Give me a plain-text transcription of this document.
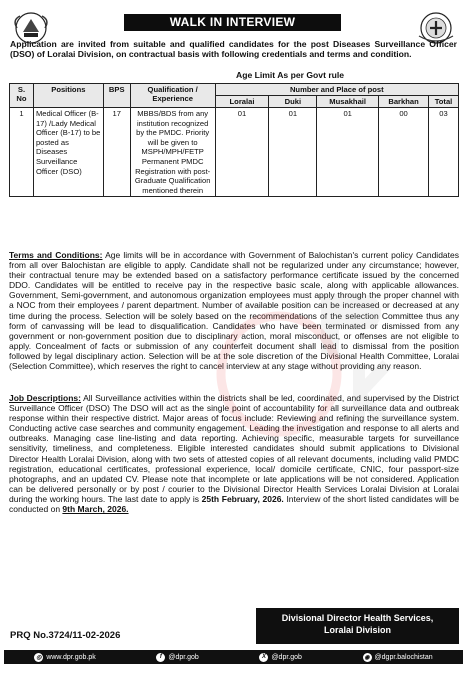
WALK IN INTERVIEW
Application are invited from suitable and qualified candidates for the post Diseases Surveillance Officer (DSO) of Loralai Division, on contractual basis with following credentials and terms and condition.
Age Limit As per Govt rule
S. No	Positions	BPS	Qualification / Experience	Number and Place of post				
				Loralai	Duki	Musakhail	Barkhan	Total
1	Medical Officer (B-17) /Lady Medical Officer (B-17) to be posted as Diseases Surveillance Officer (DSO)	17	MBBS/BDS from any institution recognized by the PMDC. Priority will be given to MSPH/MPH/FETP Permanent PMDC Registration with post- Graduate Qualification mentioned therein	01	01	01	00	03
Terms and Conditions: Age limits will be in accordance with Government of Balochistan's current policy Candidates from all over Balochistan are eligible to apply. Candidate shall not be regularized under any circumstance; however, their contractual tenure may be extended based on a satisfactory performance certificate issued by the concerned DDO. Candidates will be entitled to receive pay in the respective basic scale, along with applicable allowances. Government, Semi-government, and autonomous organization employees must apply through the proper channel with a NOC from their employees / parent department. Number of available position can be increased or decreased at any time during the process. Selection will be solely based on the recommendations of the selection Committee thus any form of canvassing will be lead to disqualification. Candidates who have been terminated or dismissed from any government or non-government position due to disciplinary action, moral misconduct, or offenses are not eligible to apply. Concealment of facts or submission of any counterfeit document shall lead to dismissal from the position followed by legal disciplinary action. Selection will be at the sole discretion of the Divisional Health Committee, Loralai (Selection Committee), which reserves the right to cancel interview at any stage without providing any reason.
Job Descriptions: All Surveillance activities within the districts shall be led, coordinated, and supervised by the District Surveillance Officer (DSO) The DSO will act as the single point of accountability for all surveillance data and outbreak response within their respective district. Major areas of focus include: Reviewing and refining the surveillance system. Conducting active case searches and community engagement. Leading the investigation and response to all alerts and outbreaks. Managing case line-listing and data reporting. Achieving specific, measurable targets for surveillance sensitivity, timeliness, and completeness. Eligible interested candidates should submit applications to Divisional Director Health Loralai Division, along with two sets of attested copies of all relevant documents, including valid PMDC registration, educational certificates, professional experience, local/ domicile certificate, CNIC, four passport-size photographs, and an updated CV. Please note that incomplete or late applications will be not considered. Application can be delivered personally or by post / courier to the Divisional Director Health Services Loralai Division at Loralai during the working hours. The last date to apply is 25th February, 2026. Interview of the short listed candidates will be conducted on 9th March, 2026.
PRQ No.3724/11-02-2026
Divisional Director Health Services,
Loralai Division
◎ www.dpr.gob.pk	f @dpr.gob	X @dpr.gob	◉ @dgpr.balochistan
